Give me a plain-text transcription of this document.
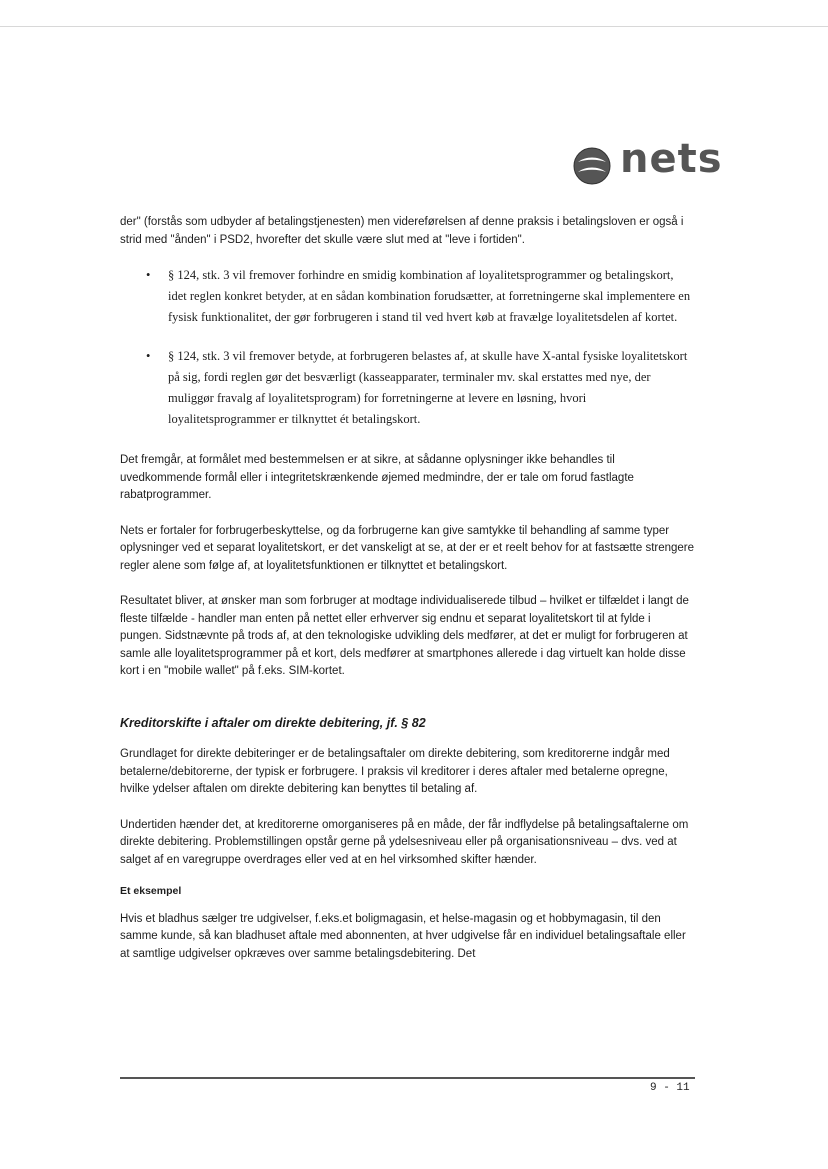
nets

der" (forstås som udbyder af betalingstjenesten) men videreførelsen af denne praksis i betalingsloven er også i strid med "ånden" i PSD2, hvorefter det skulle være slut med at "leve i fortiden".

• § 124, stk. 3 vil fremover forhindre en smidig kombination af loyalitetsprogrammer og betalingskort, idet reglen konkret betyder, at en sådan kombination forudsætter, at forretningerne skal implementere en fysisk funktionalitet, der gør forbrugeren i stand til ved hvert køb at fravælge loyalitetsdelen af kortet.
• § 124, stk. 3 vil fremover betyde, at forbrugeren belastes af, at skulle have X-antal fysiske loyalitetskort på sig, fordi reglen gør det besværligt (kasseapparater, terminaler mv. skal erstattes med nye, der muliggør fravalg af loyalitetsprogram) for forretningerne at levere en løsning, hvori loyalitetsprogrammer er tilknyttet ét betalingskort.

Det fremgår, at formålet med bestemmelsen er at sikre, at sådanne oplysninger ikke behandles til uvedkommende formål eller i integritetskrænkende øjemed medmindre, der er tale om forud fastlagte rabatprogrammer.

Nets er fortaler for forbrugerbeskyttelse, og da forbrugerne kan give samtykke til behandling af samme typer oplysninger ved et separat loyalitetskort, er det vanskeligt at se, at der er et reelt behov for at fastsætte strengere regler alene som følge af, at loyalitetsfunktionen er tilknyttet et betalingskort.

Resultatet bliver, at ønsker man som forbruger at modtage individualiserede tilbud – hvilket er tilfældet i langt de fleste tilfælde - handler man enten på nettet eller erhverver sig endnu et separat loyalitetskort til at fylde i pungen. Sidstnævnte på trods af, at den teknologiske udvikling dels medfører, at det er muligt for forbrugeren at samle alle loyalitetsprogrammer på et kort, dels medfører at smartphones allerede i dag virtuelt kan holde disse kort i en "mobile wallet" på f.eks. SIM-kortet.

Kreditorskifte i aftaler om direkte debitering, jf. § 82

Grundlaget for direkte debiteringer er de betalingsaftaler om direkte debitering, som kreditorerne indgår med betalerne/debitorerne, der typisk er forbrugere. I praksis vil kreditorer i deres aftaler med betalerne opregne, hvilke ydelser aftalen om direkte debitering kan benyttes til betaling af.

Undertiden hænder det, at kreditorerne omorganiseres på en måde, der får indflydelse på betalingsaftalerne om direkte debitering. Problemstillingen opstår gerne på ydelsesniveau eller på organisationsniveau – dvs. ved at salget af en varegruppe overdrages eller ved at en hel virksomhed skifter hænder.

Et eksempel

Hvis et bladhus sælger tre udgivelser, f.eks.et boligmagasin, et helse-magasin og et hobbymagasin, til den samme kunde, så kan bladhuset aftale med abonnenten, at hver udgivelse får en individuel betalingsaftale eller at samtlige udgivelser opkræves over samme betalingsdebitering. Det

9 - 11
